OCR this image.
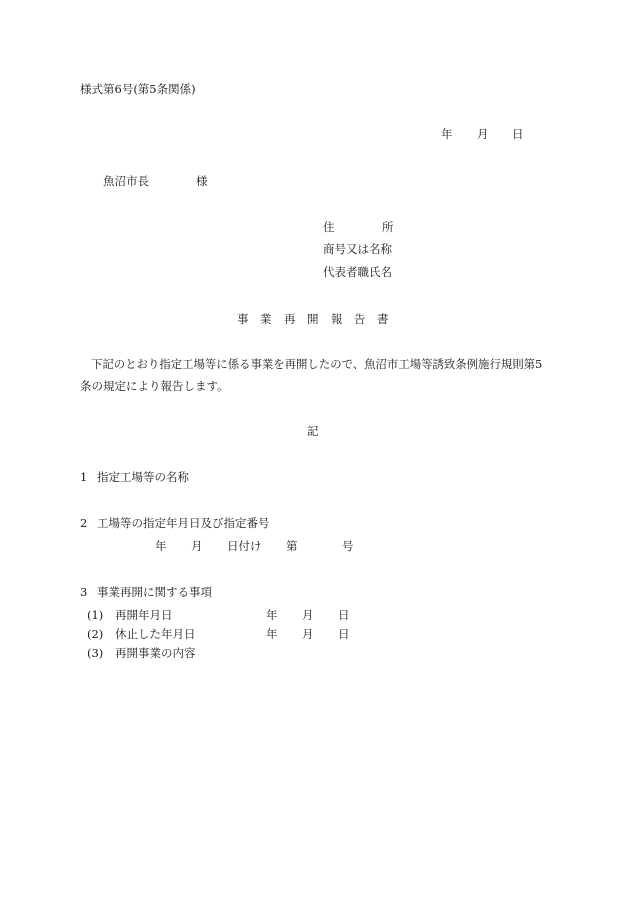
様式第6号(第5条関係)
年 月 日
魚沼市長	様
住	所
商号又は名称
代表者職氏名
事 業 再 開 報 告 書
下記のとおり指定工場等に係る事業を再開したので、魚沼市工場等誘致条例施行規則第5
条の規定により報告します。
記
1 指定工場等の名称
2 工場等の指定年月日及び指定番号
年 月 日付け 第	号
3 事業再開に関する事項
(1) 再開年月日	年 月 日
(2) 休止した年月日	年 月 日
(3) 再開事業の内容
